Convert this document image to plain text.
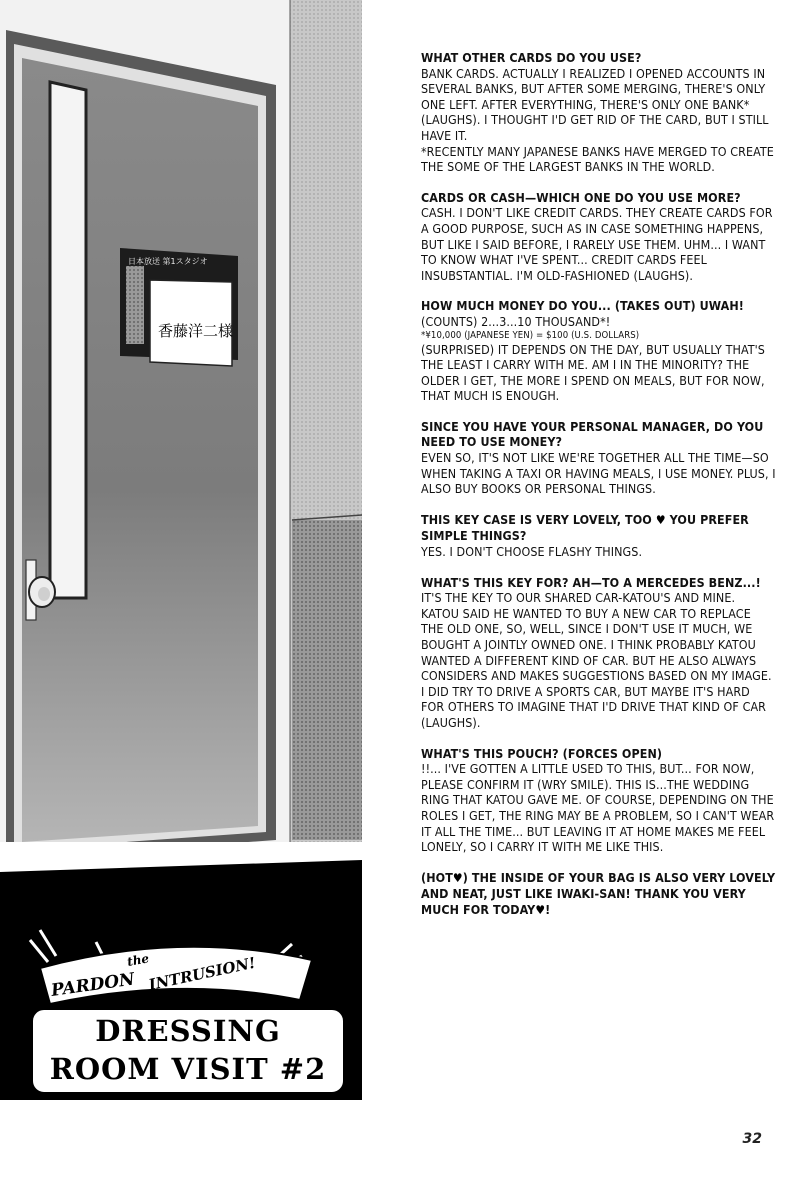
日本放送 第1スタジオ
香藤洋二様
PARDON
the
INTRUSION!
DRESSING
ROOM VISIT #2
WHAT OTHER CARDS DO YOU USE?
BANK CARDS. ACTUALLY I REALIZED I OPENED ACCOUNTS IN SEVERAL BANKS, BUT AFTER SOME MERGING, THERE'S ONLY ONE LEFT. AFTER EVERYTHING, THERE'S ONLY ONE BANK* (LAUGHS). I THOUGHT I'D GET RID OF THE CARD, BUT I STILL HAVE IT.
*RECENTLY MANY JAPANESE BANKS HAVE MERGED TO CREATE THE SOME OF THE LARGEST BANKS IN THE WORLD.
CARDS OR CASH—WHICH ONE DO YOU USE MORE?
CASH. I DON'T LIKE CREDIT CARDS. THEY CREATE CARDS FOR A GOOD PURPOSE, SUCH AS IN CASE SOMETHING HAPPENS, BUT LIKE I SAID BEFORE, I RARELY USE THEM. UHM... I WANT TO KNOW WHAT I'VE SPENT... CREDIT CARDS FEEL INSUBSTANTIAL. I'M OLD-FASHIONED (LAUGHS).
HOW MUCH MONEY DO YOU... (TAKES OUT) UWAH!
(COUNTS) 2...3...10 THOUSAND*!
*¥10,000 (JAPANESE YEN) = $100 (U.S. DOLLARS)
(SURPRISED) IT DEPENDS ON THE DAY, BUT USUALLY THAT'S THE LEAST I CARRY WITH ME. AM I IN THE MINORITY? THE OLDER I GET, THE MORE I SPEND ON MEALS, BUT FOR NOW, THAT MUCH IS ENOUGH.
SINCE YOU HAVE YOUR PERSONAL MANAGER, DO YOU NEED TO USE MONEY?
EVEN SO, IT'S NOT LIKE WE'RE TOGETHER ALL THE TIME—SO WHEN TAKING A TAXI OR HAVING MEALS, I USE MONEY. PLUS, I ALSO BUY BOOKS OR PERSONAL THINGS.
THIS KEY CASE IS VERY LOVELY, TOO ♥ YOU PREFER SIMPLE THINGS?
YES. I DON'T CHOOSE FLASHY THINGS.
WHAT'S THIS KEY FOR? AH—TO A MERCEDES BENZ...!
IT'S THE KEY TO OUR SHARED CAR-KATOU'S AND MINE. KATOU SAID HE WANTED TO BUY A NEW CAR TO REPLACE THE OLD ONE, SO, WELL, SINCE I DON'T USE IT MUCH, WE BOUGHT A JOINTLY OWNED ONE. I THINK PROBABLY KATOU WANTED A DIFFERENT KIND OF CAR. BUT HE ALSO ALWAYS CONSIDERS AND MAKES SUGGESTIONS BASED ON MY IMAGE. I DID TRY TO DRIVE A SPORTS CAR, BUT MAYBE IT'S HARD FOR OTHERS TO IMAGINE THAT I'D DRIVE THAT KIND OF CAR (LAUGHS).
WHAT'S THIS POUCH? (FORCES OPEN)
!!... I'VE GOTTEN A LITTLE USED TO THIS, BUT... FOR NOW, PLEASE CONFIRM IT (WRY SMILE). THIS IS...THE WEDDING RING THAT KATOU GAVE ME. OF COURSE, DEPENDING ON THE ROLES I GET, THE RING MAY BE A PROBLEM, SO I CAN'T WEAR IT ALL THE TIME... BUT LEAVING IT AT HOME MAKES ME FEEL LONELY, SO I CARRY IT WITH ME LIKE THIS.
(HOT♥) THE INSIDE OF YOUR BAG IS ALSO VERY LOVELY AND NEAT, JUST LIKE IWAKI-SAN! THANK YOU VERY MUCH FOR TODAY♥!
32
